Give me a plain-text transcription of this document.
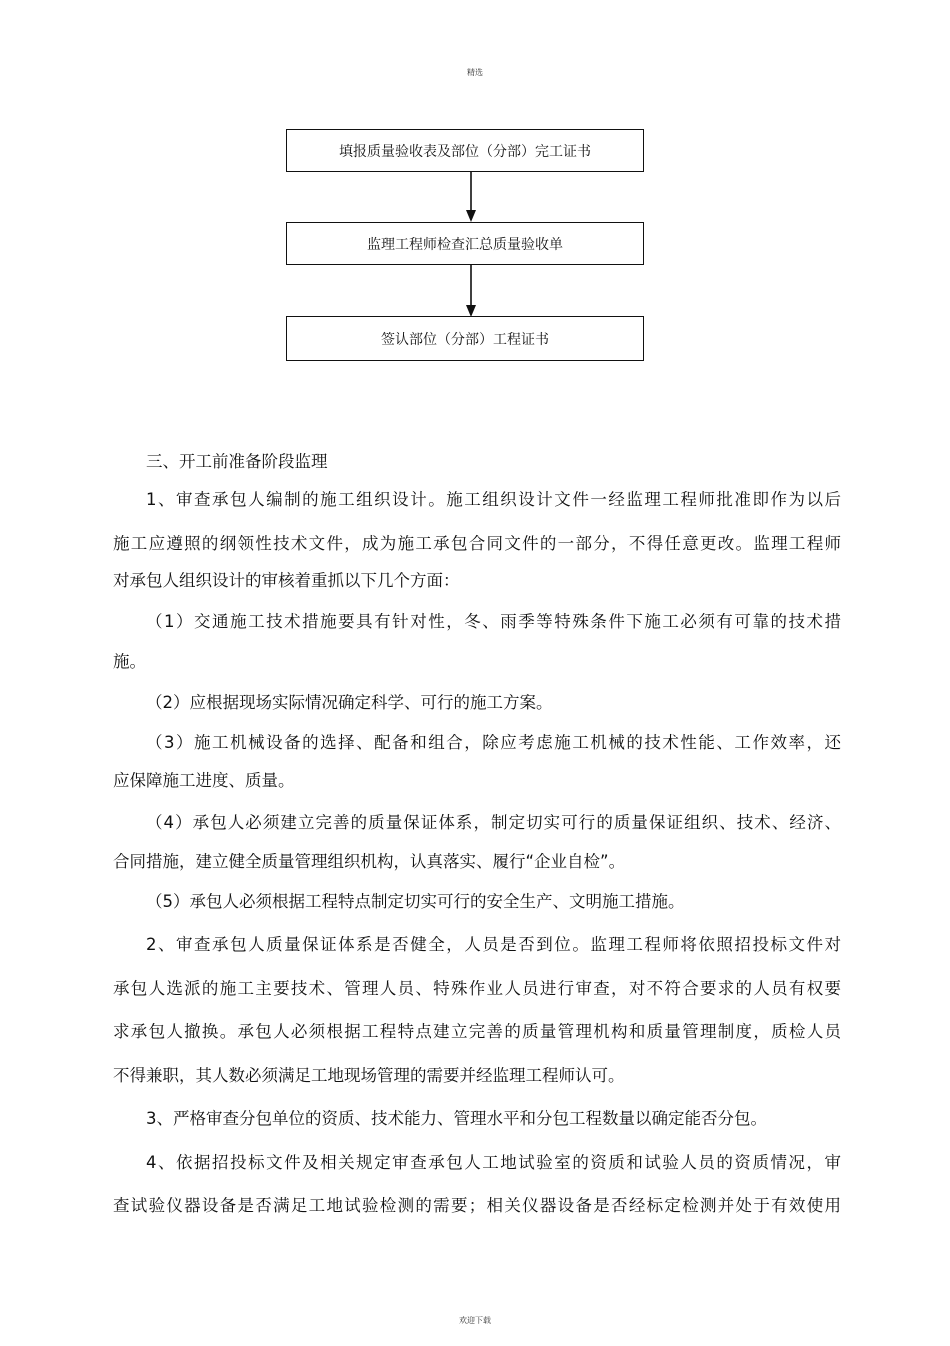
精选
填报质量验收表及部位（分部）完工证书
监理工程师检查汇总质量验收单
签认部位（分部）工程证书
三、开工前准备阶段监理
1、审查承包人编制的施工组织设计。施工组织设计文件一经监理工程师批准即作为以后
施工应遵照的纲领性技术文件，成为施工承包合同文件的一部分，不得任意更改。监理工程师
对承包人组织设计的审核着重抓以下几个方面：
（1）交通施工技术措施要具有针对性，冬、雨季等特殊条件下施工必须有可靠的技术措
施。
（2）应根据现场实际情况确定科学、可行的施工方案。
（3）施工机械设备的选择、配备和组合，除应考虑施工机械的技术性能、工作效率，还
应保障施工进度、质量。
（4）承包人必须建立完善的质量保证体系，制定切实可行的质量保证组织、技术、经济、
合同措施，建立健全质量管理组织机构，认真落实、履行“企业自检”。
（5）承包人必须根据工程特点制定切实可行的安全生产、文明施工措施。
2、审查承包人质量保证体系是否健全，人员是否到位。监理工程师将依照招投标文件对
承包人选派的施工主要技术、管理人员、特殊作业人员进行审查，对不符合要求的人员有权要
求承包人撤换。承包人必须根据工程特点建立完善的质量管理机构和质量管理制度，质检人员
不得兼职，其人数必须满足工地现场管理的需要并经监理工程师认可。
3、严格审查分包单位的资质、技术能力、管理水平和分包工程数量以确定能否分包。
4、依据招投标文件及相关规定审查承包人工地试验室的资质和试验人员的资质情况，审
查试验仪器设备是否满足工地试验检测的需要；相关仪器设备是否经标定检测并处于有效使用
欢迎下载
